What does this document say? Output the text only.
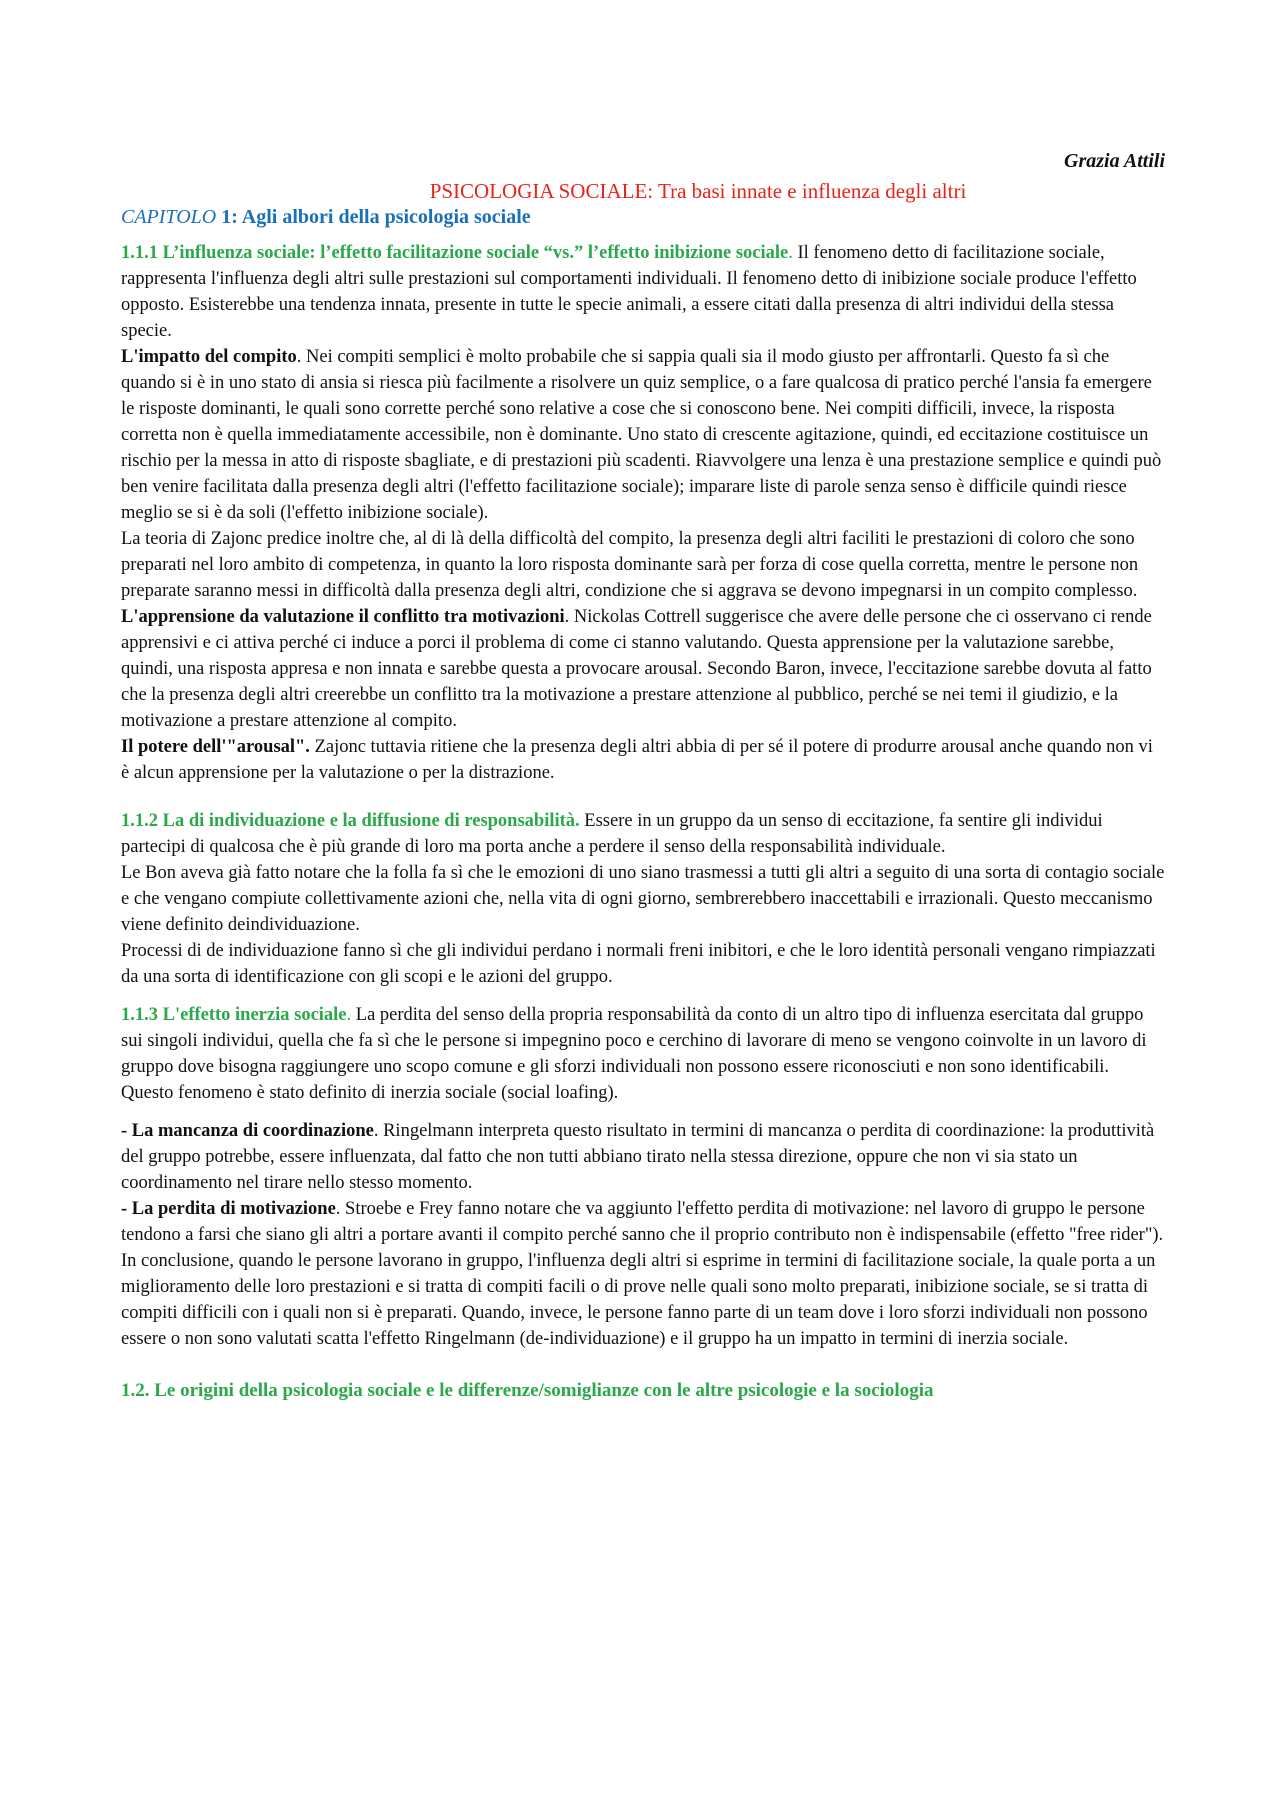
Grazia Attili
PSICOLOGIA SOCIALE: Tra basi innate e influenza degli altri
CAPITOLO 1: Agli albori della psicologia sociale

1.1.1 L’influenza sociale: l’effetto facilitazione sociale “vs.” l’effetto inibizione sociale. Il fenomeno detto di facilitazione sociale, rappresenta l'influenza degli altri sulle prestazioni sul comportamenti individuali. Il fenomeno detto di inibizione sociale produce l'effetto opposto. Esisterebbe una tendenza innata, presente in tutte le specie animali, a essere citati dalla presenza di altri individui della stessa specie.

L'impatto del compito. Nei compiti semplici è molto probabile che si sappia quali sia il modo giusto per affrontarli. Questo fa sì che quando si è in uno stato di ansia si riesca più facilmente a risolvere un quiz semplice, o a fare qualcosa di pratico perché l'ansia fa emergere le risposte dominanti, le quali sono corrette perché sono relative a cose che si conoscono bene. Nei compiti difficili, invece, la risposta corretta non è quella immediatamente accessibile, non è dominante. Uno stato di crescente agitazione, quindi, ed eccitazione costituisce un rischio per la messa in atto di risposte sbagliate, e di prestazioni più scadenti. Riavvolgere una lenza è una prestazione semplice e quindi può ben venire facilitata dalla presenza degli altri (l'effetto facilitazione sociale); imparare liste di parole senza senso è difficile quindi riesce meglio se si è da soli (l'effetto inibizione sociale).

La teoria di Zajonc predice inoltre che, al di là della difficoltà del compito, la presenza degli altri faciliti le prestazioni di coloro che sono preparati nel loro ambito di competenza, in quanto la loro risposta dominante sarà per forza di cose quella corretta, mentre le persone non preparate saranno messi in difficoltà dalla presenza degli altri, condizione che si aggrava se devono impegnarsi in un compito complesso.

L'apprensione da valutazione il conflitto tra motivazioni. Nickolas Cottrell suggerisce che avere delle persone che ci osservano ci rende apprensivi e ci attiva perché ci induce a porci il problema di come ci stanno valutando. Questa apprensione per la valutazione sarebbe, quindi, una risposta appresa e non innata e sarebbe questa a provocare arousal. Secondo Baron, invece, l'eccitazione sarebbe dovuta al fatto che la presenza degli altri creerebbe un conflitto tra la motivazione a prestare attenzione al pubblico, perché se nei temi il giudizio, e la motivazione a prestare attenzione al compito.

Il potere dell'"arousal". Zajonc tuttavia ritiene che la presenza degli altri abbia di per sé il potere di produrre arousal anche quando non vi è alcun apprensione per la valutazione o per la distrazione.

1.1.2 La di individuazione e la diffusione di responsabilità. Essere in un gruppo da un senso di eccitazione, fa sentire gli individui partecipi di qualcosa che è più grande di loro ma porta anche a perdere il senso della responsabilità individuale.

Le Bon aveva già fatto notare che la folla fa sì che le emozioni di uno siano trasmessi a tutti gli altri a seguito di una sorta di contagio sociale e che vengano compiute collettivamente azioni che, nella vita di ogni giorno, sembrerebbero inaccettabili e irrazionali. Questo meccanismo viene definito deindividuazione.

Processi di de individuazione fanno sì che gli individui perdano i normali freni inibitori, e che le loro identità personali vengano rimpiazzati da una sorta di identificazione con gli scopi e le azioni del gruppo.

1.1.3 L'effetto inerzia sociale. La perdita del senso della propria responsabilità da conto di un altro tipo di influenza esercitata dal gruppo sui singoli individui, quella che fa sì che le persone si impegnino poco e cerchino di lavorare di meno se vengono coinvolte in un lavoro di gruppo dove bisogna raggiungere uno scopo comune e gli sforzi individuali non possono essere riconosciuti e non sono identificabili. Questo fenomeno è stato definito di inerzia sociale (social loafing).

- La mancanza di coordinazione. Ringelmann interpreta questo risultato in termini di mancanza o perdita di coordinazione: la produttività del gruppo potrebbe, essere influenzata, dal fatto che non tutti abbiano tirato nella stessa direzione, oppure che non vi sia stato un coordinamento nel tirare nello stesso momento.

- La perdita di motivazione. Stroebe e Frey fanno notare che va aggiunto l'effetto perdita di motivazione: nel lavoro di gruppo le persone tendono a farsi che siano gli altri a portare avanti il compito perché sanno che il proprio contributo non è indispensabile (effetto "free rider").

In conclusione, quando le persone lavorano in gruppo, l'influenza degli altri si esprime in termini di facilitazione sociale, la quale porta a un miglioramento delle loro prestazioni e si tratta di compiti facili o di prove nelle quali sono molto preparati, inibizione sociale, se si tratta di compiti difficili con i quali non si è preparati. Quando, invece, le persone fanno parte di un team dove i loro sforzi individuali non possono essere o non sono valutati scatta l'effetto Ringelmann (de-individuazione) e il gruppo ha un impatto in termini di inerzia sociale.

1.2. Le origini della psicologia sociale e le differenze/somiglianze con le altre psicologie e la sociologia
